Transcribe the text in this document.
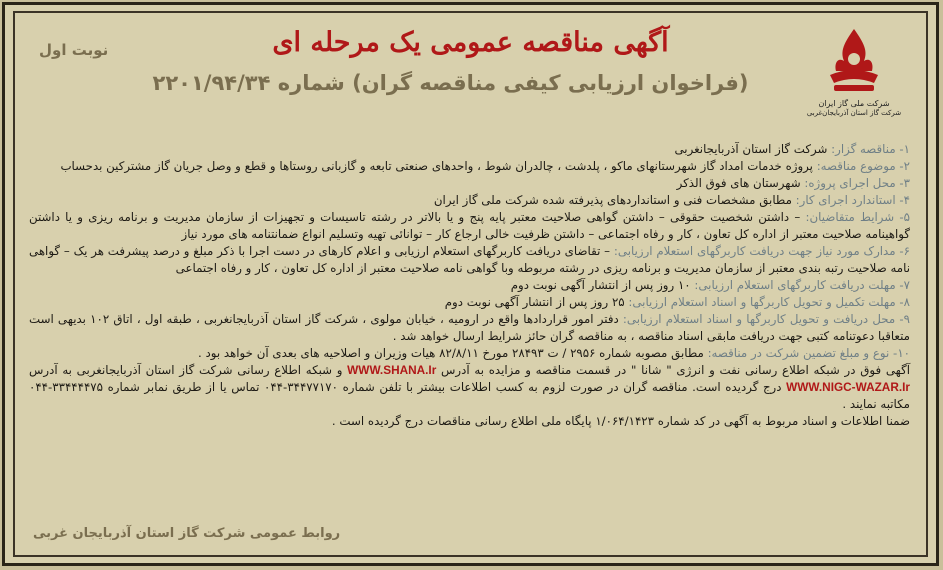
شرکت ملی گاز ایران
شرکت گاز استان آذربایجان‌غربی
نوبت اول	آگهی مناقصه عمومی یک مرحله ای
(فراخوان ارزیابی کیفی مناقصه گران) شماره ۲۲۰۱/۹۴/۳۴

۱- مناقصه گزار: شرکت گاز استان آذربایجانغربی

۲- موضوع مناقصه: پروژه خدمات امداد گاز شهرستانهای ماکو ، پلدشت ، چالدران شوط ، واحدهای صنعتی تابعه و گازبانی روستاها و قطع و وصل جریان گاز مشترکین بدحساب

۳- محل اجرای پروژه: شهرستان های فوق الذکر

۴- استاندارد اجرای کار: مطابق مشخصات فنی و استانداردهای پذیرفته شده شرکت ملی گاز ایران

۵- شرایط متقاضیان: – داشتن شخصیت حقوقی – داشتن گواهی صلاحیت معتبر پایه پنج و یا بالاتر در رشته تاسیسات و تجهیزات از سازمان مدیریت و برنامه ریزی و یا داشتن گواهینامه صلاحیت معتبر از اداره کل تعاون ، کار و رفاه اجتماعی – داشتن ظرفیت خالی ارجاع کار – توانائی تهیه وتسلیم انواع ضمانتنامه های مورد نیاز

۶- مدارک مورد نیاز جهت دریافت کاربرگهای استعلام ارزیابی: – تقاضای دریافت کاربرگهای استعلام ارزیابی و اعلام کارهای در دست اجرا با ذکر مبلغ و درصد پیشرفت هر یک – گواهی نامه صلاحیت رتبه بندی معتبر از سازمان مدیریت و برنامه ریزی در رشته مربوطه وبا گواهی نامه صلاحیت معتبر از اداره کل تعاون ، کار و رفاه اجتماعی

۷- مهلت دریافت کاربرگهای استعلام ارزیابی: ۱۰ روز پس از انتشار آگهی نوبت دوم

۸- مهلت تکمیل و تحویل کاربرگها و اسناد استعلام ارزیابی: ۲۵ روز پس از انتشار آگهی نوبت دوم

۹- محل دریافت و تحویل کاربرگها و اسناد استعلام ارزیابی: دفتر امور قراردادها واقع در ارومیه ، خیابان مولوی ، شرکت گاز استان آذربایجانغربی ، طبقه اول ، اتاق ۱۰۲ بدیهی است متعاقبا دعوتنامه کتبی جهت دریافت مابقی اسناد مناقصه ، به مناقصه گران حائز شرایط ارسال خواهد شد .

۱۰- نوع و مبلغ تضمین شرکت در مناقصه: مطابق مصوبه شماره ۲۹۵۶ / ت ۲۸۴۹۳ مورخ ۸۲/۸/۱۱ هیات وزیران و اصلاحیه های بعدی آن خواهد بود .

آگهی فوق در شبکه اطلاع رسانی نفت و انرژی " شانا " در قسمت مناقصه و مزایده به آدرس WWW.SHANA.Ir و شبکه اطلاع رسانی شرکت گاز استان آذربایجانغربی به آدرس WWW.NIGC-WAZAR.Ir درج گردیده است. مناقصه گران در صورت لزوم به کسب اطلاعات بیشتر با تلفن شماره ۳۴۴۷۷۱۷۰-۰۴۴ تماس یا از طریق نمابر شماره ۳۳۴۴۴۴۷۵-۰۴۴ مکاتبه نمایند .

ضمنا اطلاعات و اسناد مربوط به آگهی در کد شماره ۱/۰۶۴/۱۴۲۳ پایگاه ملی اطلاع رسانی مناقصات درج گردیده است .

روابط عمومی شرکت گاز استان آذربایجان غربی
